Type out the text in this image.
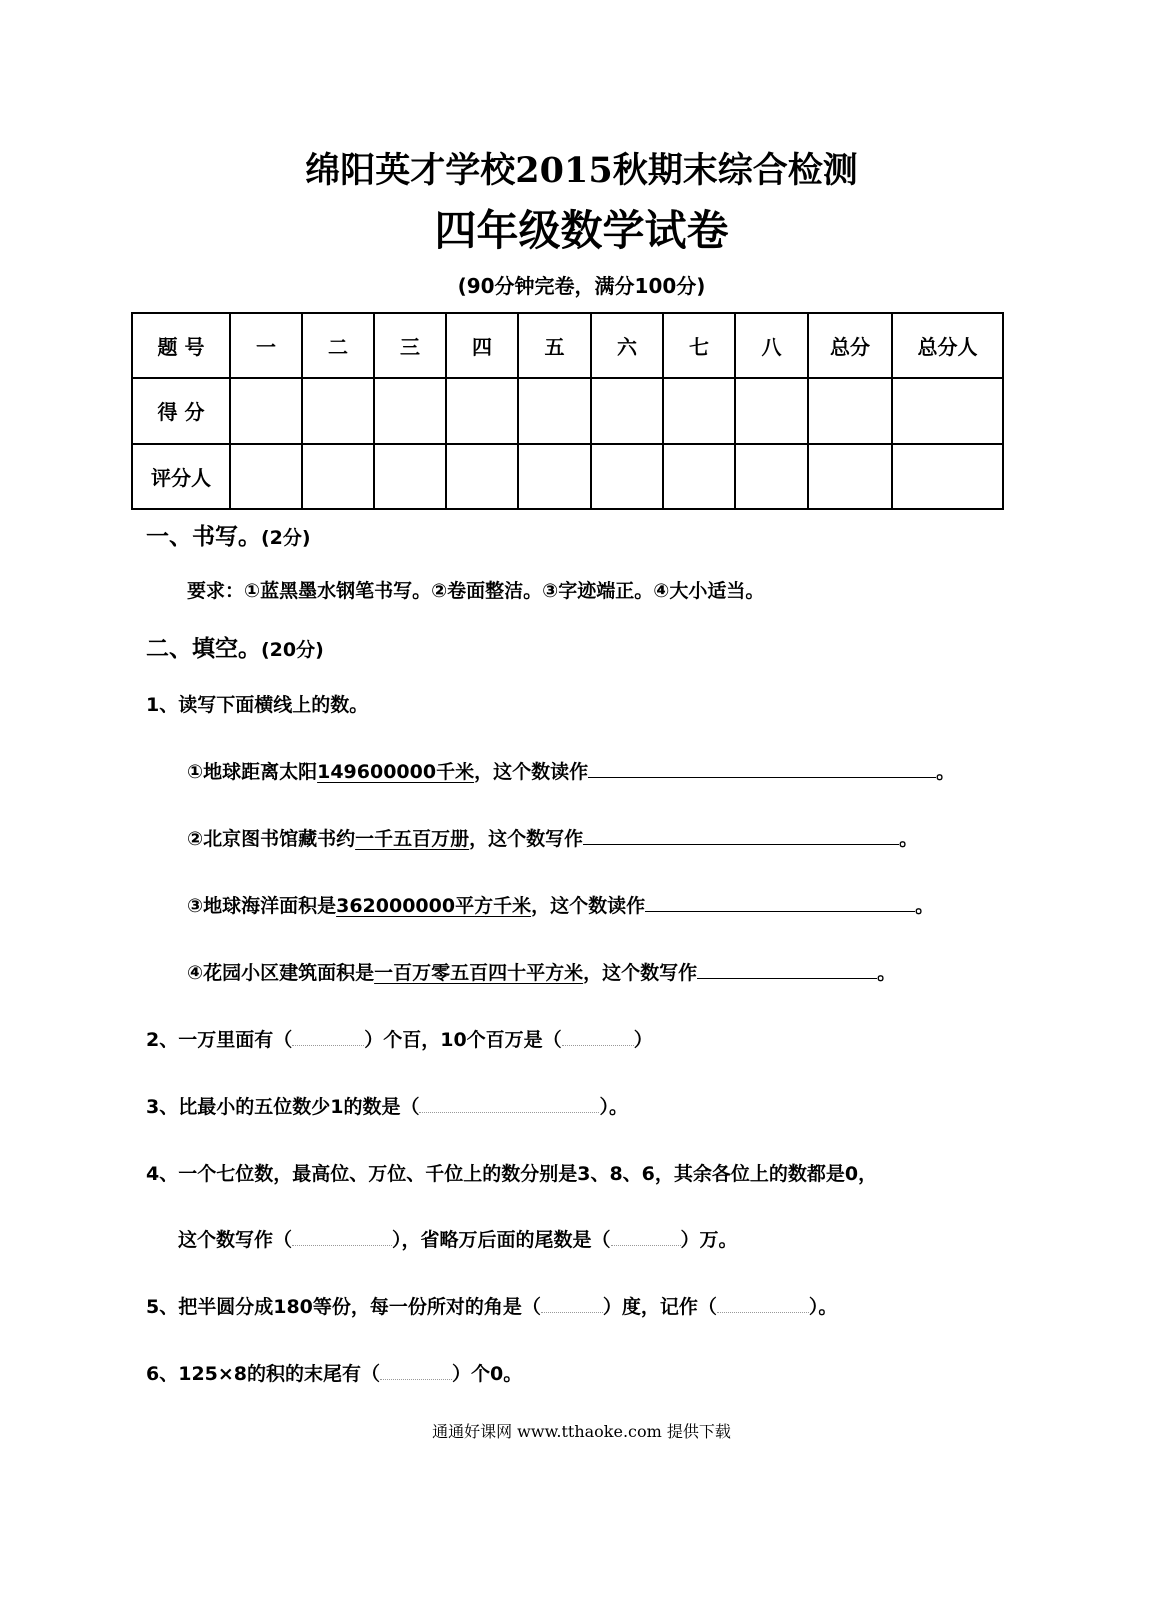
绵阳英才学校2015秋期末综合检测
四年级数学试卷
(90分钟完卷，满分100分)
题 号	一	二	三	四	五	六	七	八	总分	总分人
得 分										
评分人										
一、书写。(2分)
要求：①蓝黑墨水钢笔书写。②卷面整洁。③字迹端正。④大小适当。
二、填空。(20分)
1、读写下面横线上的数。
①地球距离太阳149600000千米，这个数读作	。
②北京图书馆藏书约一千五百万册，这个数写作	。
③地球海洋面积是362000000平方千米，这个数读作	。
④花园小区建筑面积是一百万零五百四十平方米，这个数写作	。
2、一万里面有（	）个百，10个百万是（	）
3、比最小的五位数少1的数是（	）。
4、一个七位数，最高位、万位、千位上的数分别是3、8、6，其余各位上的数都是0，
这个数写作（	），省略万后面的尾数是（	）万。
5、把半圆分成180等份，每一份所对的角是（	）度，记作（	）。
6、125×8的积的末尾有（	）个0。
通通好课网 www.tthaoke.com 提供下载
